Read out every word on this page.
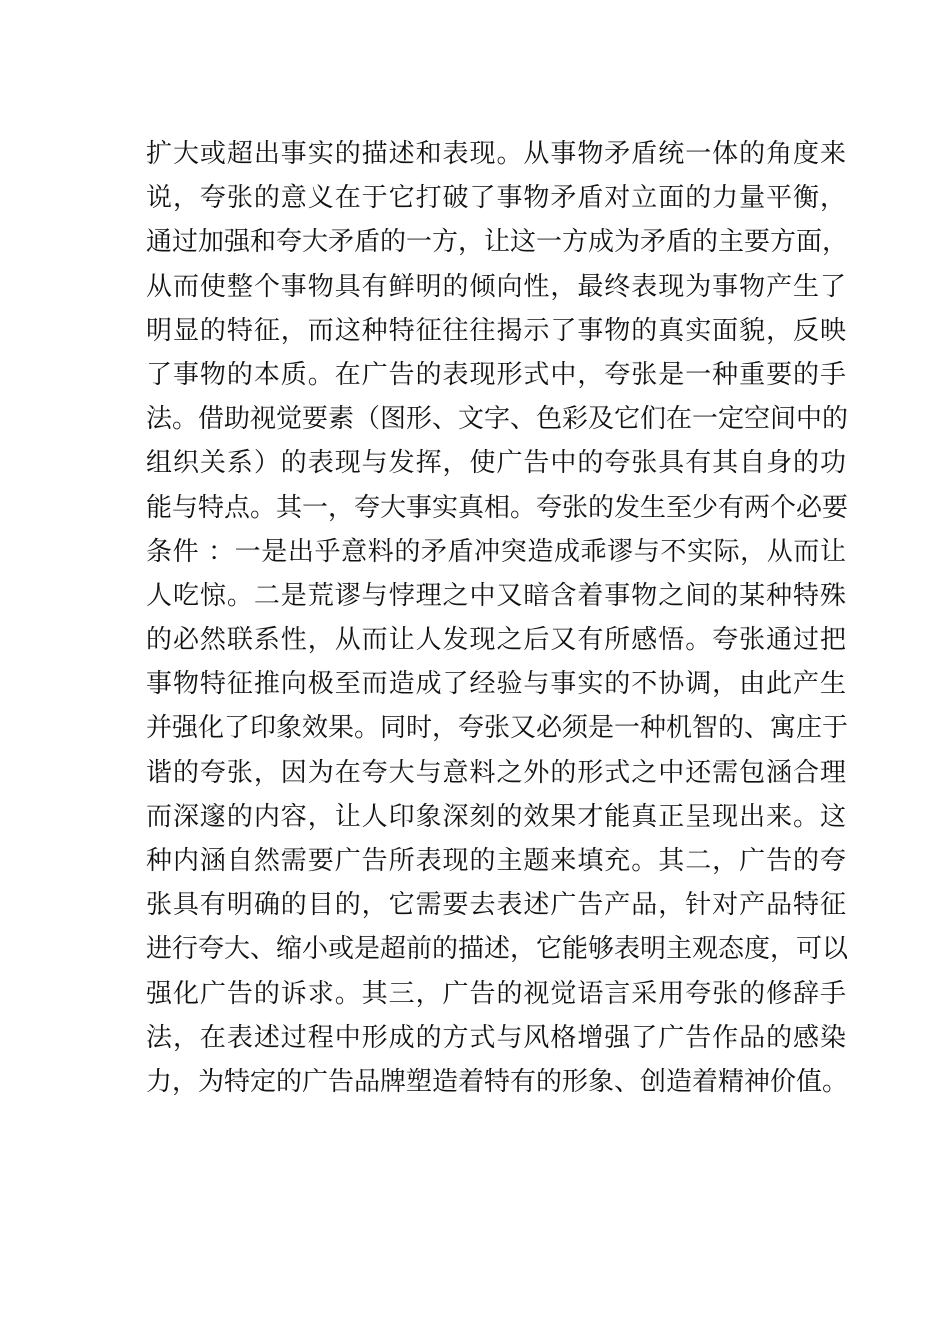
扩大或超出事实的描述和表现。从事物矛盾统一体的角度来
说，夸张的意义在于它打破了事物矛盾对立面的力量平衡，
通过加强和夸大矛盾的一方，让这一方成为矛盾的主要方面，
从而使整个事物具有鲜明的倾向性，最终表现为事物产生了
明显的特征，而这种特征往往揭示了事物的真实面貌，反映
了事物的本质。在广告的表现形式中，夸张是一种重要的手
法。借助视觉要素（图形、文字、色彩及它们在一定空间中的
组织关系）的表现与发挥，使广告中的夸张具有其自身的功
能与特点。其一，夸大事实真相。夸张的发生至少有两个必要
条件 ：一是出乎意料的矛盾冲突造成乖谬与不实际，从而让
人吃惊。二是荒谬与悖理之中又暗含着事物之间的某种特殊
的必然联系性，从而让人发现之后又有所感悟。夸张通过把
事物特征推向极至而造成了经验与事实的不协调，由此产生
并强化了印象效果。同时，夸张又必须是一种机智的、寓庄于
谐的夸张，因为在夸大与意料之外的形式之中还需包涵合理
而深邃的内容，让人印象深刻的效果才能真正呈现出来。这
种内涵自然需要广告所表现的主题来填充。其二，广告的夸
张具有明确的目的，它需要去表述广告产品，针对产品特征
进行夸大、缩小或是超前的描述，它能够表明主观态度，可以
强化广告的诉求。其三，广告的视觉语言采用夸张的修辞手
法，在表述过程中形成的方式与风格增强了广告作品的感染
力，为特定的广告品牌塑造着特有的形象、创造着精神价值。
